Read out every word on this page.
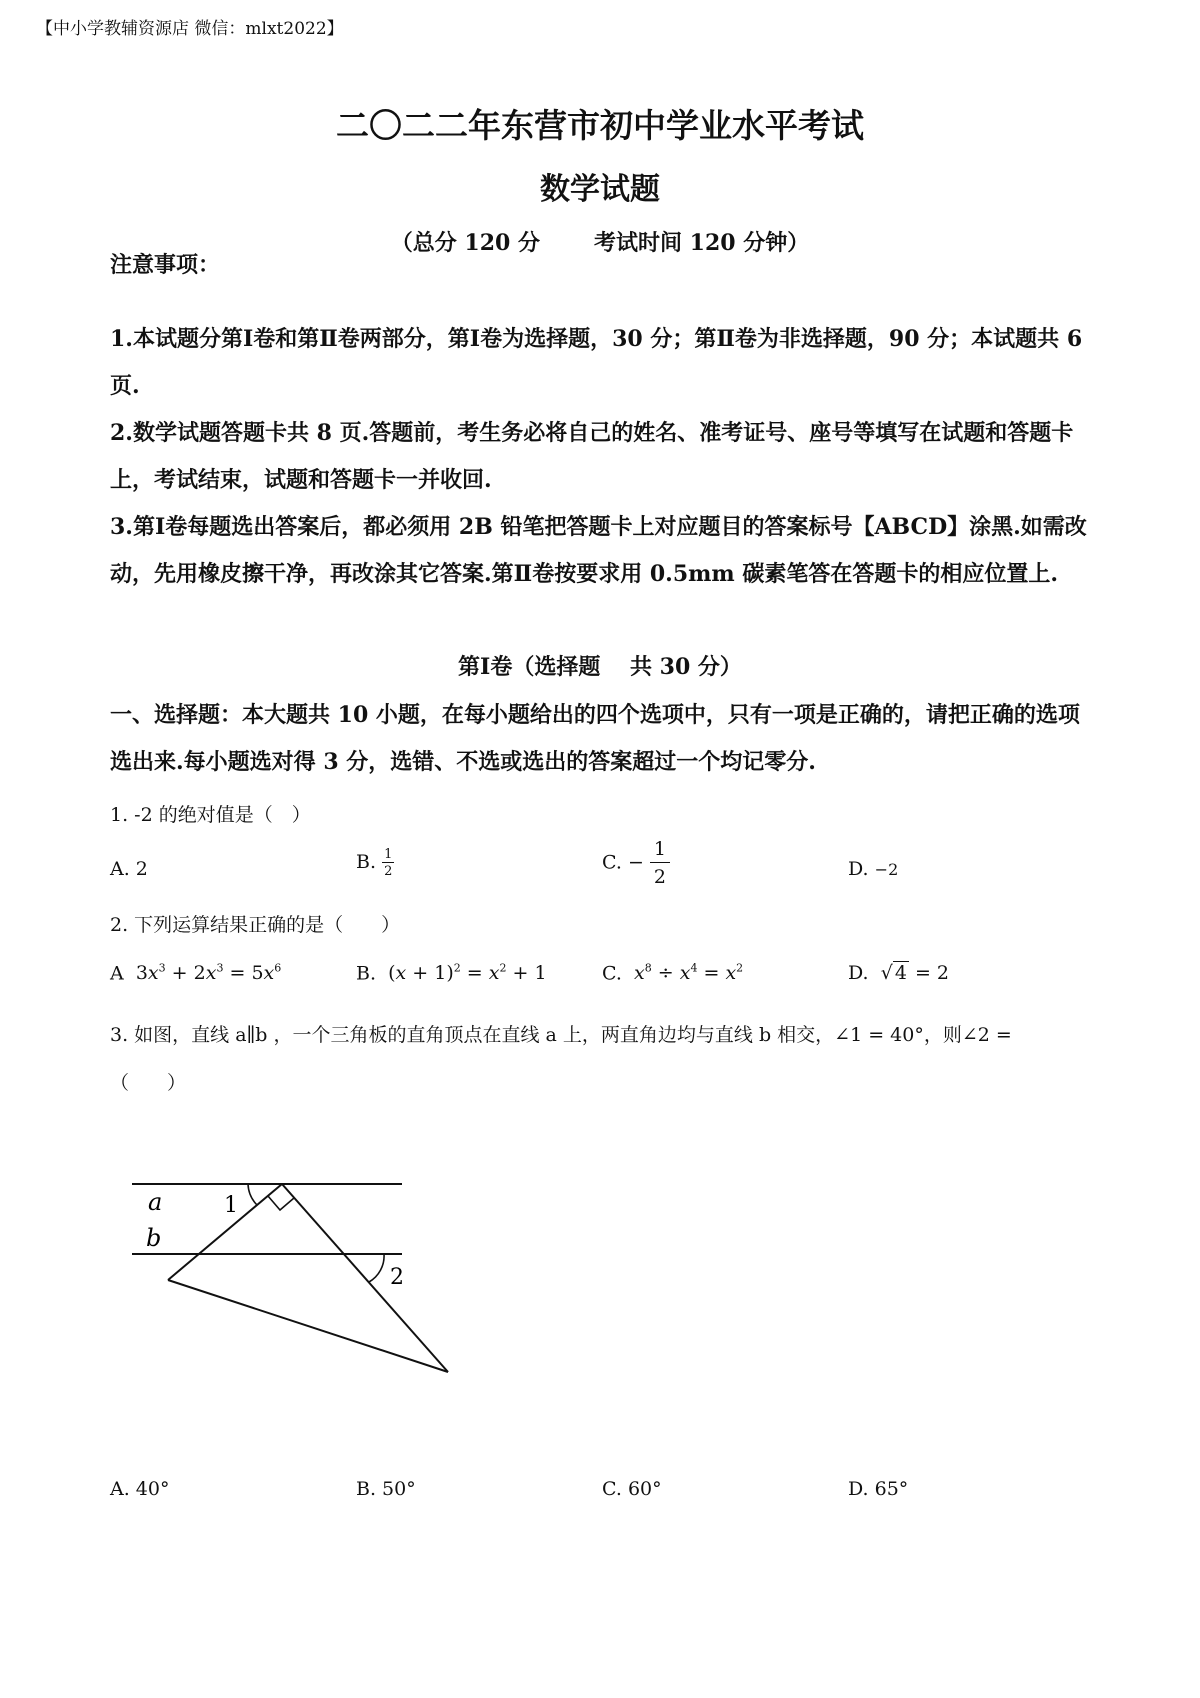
【中小学教辅资源店 微信：mlxt2022】
二〇二二年东营市初中学业水平考试
数学试题
（总分 120 分 考试时间 120 分钟）
注意事项：
1.本试题分第Ⅰ卷和第Ⅱ卷两部分，第Ⅰ卷为选择题，30 分；第Ⅱ卷为非选择题，90 分；本试题共 6 页.
2.数学试题答题卡共 8 页.答题前，考生务必将自己的姓名、准考证号、座号等填写在试题和答题卡上，考试结束，试题和答题卡一并收回.
3.第Ⅰ卷每题选出答案后，都必须用 2B 铅笔把答题卡上对应题目的答案标号【ABCD】涂黑.如需改动，先用橡皮擦干净，再改涂其它答案.第Ⅱ卷按要求用 0.5mm 碳素笔答在答题卡的相应位置上.
第Ⅰ卷（选择题　 共 30 分）
一、选择题：本大题共 10 小题，在每小题给出的四个选项中，只有一项是正确的，请把正确的选项选出来.每小题选对得 3 分，选错、不选或选出的答案超过一个均记零分.
1. -2 的绝对值是（　）
A. 2	B. $\frac{1}{2}$	C. − $\frac{1}{2}$	D. −2
2. 下列运算结果正确的是（　　）
A $3x^3 + 2x^3 = 5x^6$	B. $(x + 1)^2 = x^2 + 1$	C. $x^8 \div x^4 = x^2$	D. √ 4 = 2
3. 如图，直线 a∥b ，一个三角板的直角顶点在直线 a 上，两直角边均与直线 b 相交，∠1 = 40°，则∠2 =
（　　）
a
b
1
2
A. 40°	B. 50°	C. 60°	D. 65°
